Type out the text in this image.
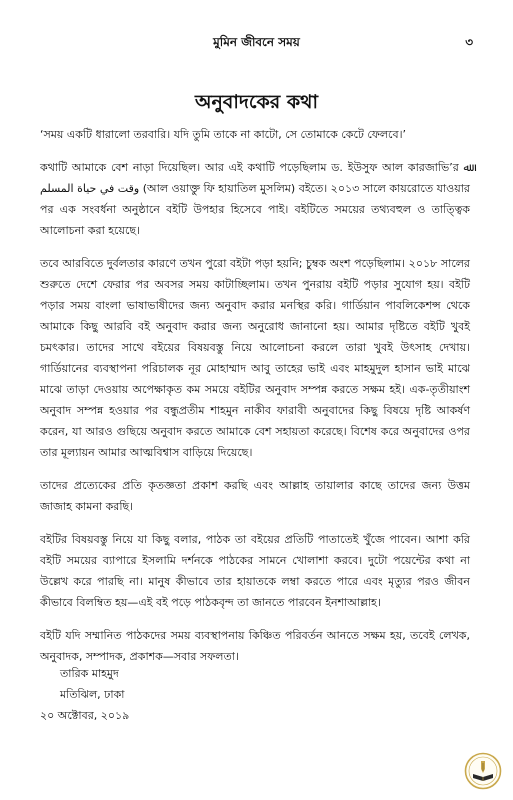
মুমিন জীবনে সময়	৩
অনুবাদকের কথা

‘সময় একটি ধারালো তরবারি। যদি তুমি তাকে না কাটো, সে তোমাকে কেটে ফেলবে।’

কথাটি আমাকে বেশ নাড়া দিয়েছিল। আর এই কথাটি পড়েছিলাম ড. ইউসুফ আল কারজাভি’র ﷲ وقت في حياة المسلم (আল ওয়াক্তু ফি হায়াতিল মুসলিম) বইতে। ২০১৩ সালে কায়রোতে যাওয়ার পর এক সংবর্ধনা অনুষ্ঠানে বইটি উপহার হিসেবে পাই। বইটিতে সময়ের তথ্যবহুল ও তাত্ত্বিক আলোচনা করা হয়েছে।

তবে আরবিতে দুর্বলতার কারণে তখন পুরো বইটা পড়া হয়নি; চুম্বক অংশ পড়েছিলাম। ২০১৮ সালের শুরুতে দেশে ফেরার পর অবসর সময় কাটাচ্ছিলাম। তখন পুনরায় বইটি পড়ার সুযোগ হয়। বইটি পড়ার সময় বাংলা ভাষাভাষীদের জন্য অনুবাদ করার মনস্থির করি। গার্ডিয়ান পাবলিকেশন্স থেকে আমাকে কিছু আরবি বই অনুবাদ করার জন্য অনুরোধ জানানো হয়। আমার দৃষ্টিতে বইটি খুবই চমৎকার। তাদের সাথে বইয়ের বিষয়বস্তু নিয়ে আলোচনা করলে তারা খুবই উৎসাহ দেখায়। গার্ডিয়ানের ব্যবস্থাপনা পরিচালক নূর মোহাম্মাদ আবু তাহের ভাই এবং মাহমুদুল হাসান ভাই মাঝে মাঝে তাড়া দেওয়ায় অপেক্ষাকৃত কম সময়ে বইটির অনুবাদ সম্পন্ন করতে সক্ষম হই। এক-তৃতীয়াংশ অনুবাদ সম্পন্ন হওয়ার পর বন্ধুপ্রতীম শাহমুন নাকীব ফারাবী অনুবাদের কিছু বিষয়ে দৃষ্টি আকর্ষণ করেন, যা আরও গুছিয়ে অনুবাদ করতে আমাকে বেশ সহায়তা করেছে। বিশেষ করে অনুবাদের ওপর তার মূল্যায়ন আমার আত্মবিশ্বাস বাড়িয়ে দিয়েছে।

তাদের প্রত্যেকের প্রতি কৃতজ্ঞতা প্রকাশ করছি এবং আল্লাহ তায়ালার কাছে তাদের জন্য উত্তম জাজাহ কামনা করছি।

বইটির বিষয়বস্তু নিয়ে যা কিছু বলার, পাঠক তা বইয়ের প্রতিটি পাতাতেই খুঁজে পাবেন। আশা করি বইটি সময়ের ব্যাপারে ইসলামি দর্শনকে পাঠকের সামনে খোলাশা করবে। দুটো পয়েন্টের কথা না উল্লেখ করে পারছি না। মানুষ কীভাবে তার হায়াতকে লম্বা করতে পারে এবং মৃত্যুর পরও জীবন কীভাবে বিলম্বিত হয়—এই বই পড়ে পাঠকবৃন্দ তা জানতে পারবেন ইনশাআল্লাহ।

বইটি যদি সম্মানিত পাঠকদের সময় ব্যবস্থাপনায় কিঞ্চিত পরিবর্তন আনতে সক্ষম হয়, তবেই লেখক, অনুবাদক, সম্পাদক, প্রকাশক—সবার সফলতা।

তারিক মাহমুদ
মতিঝিল, ঢাকা
২০ অক্টোবর, ২০১৯
